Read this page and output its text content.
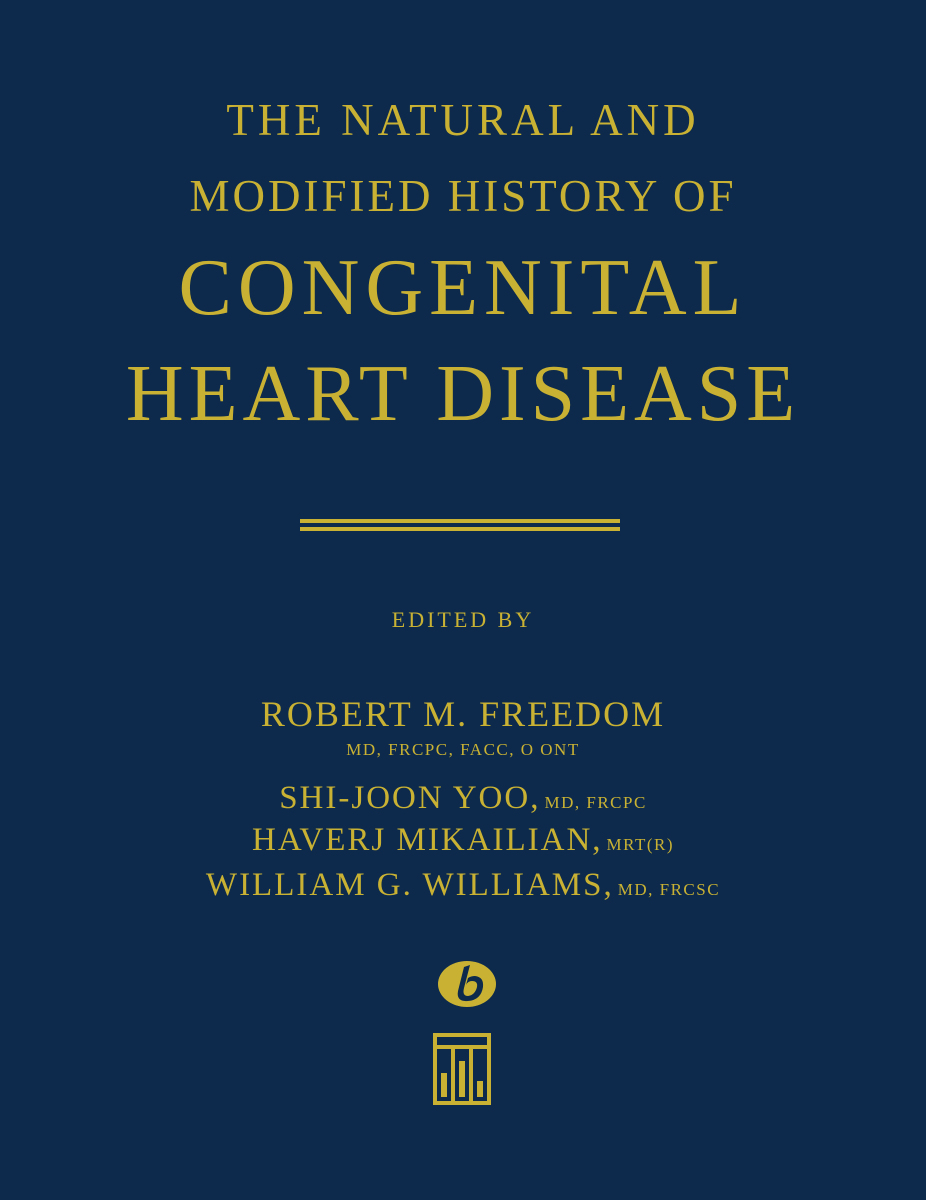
THE NATURAL AND
MODIFIED HISTORY OF
CONGENITAL
HEART DISEASE
EDITED BY
ROBERT M. FREEDOM
MD, FRCPC, FACC, O ONT
SHI-JOON YOO, MD, FRCPC
HAVERJ MIKAILIAN, MRT(R)
WILLIAM G. WILLIAMS, MD, FRCSC
